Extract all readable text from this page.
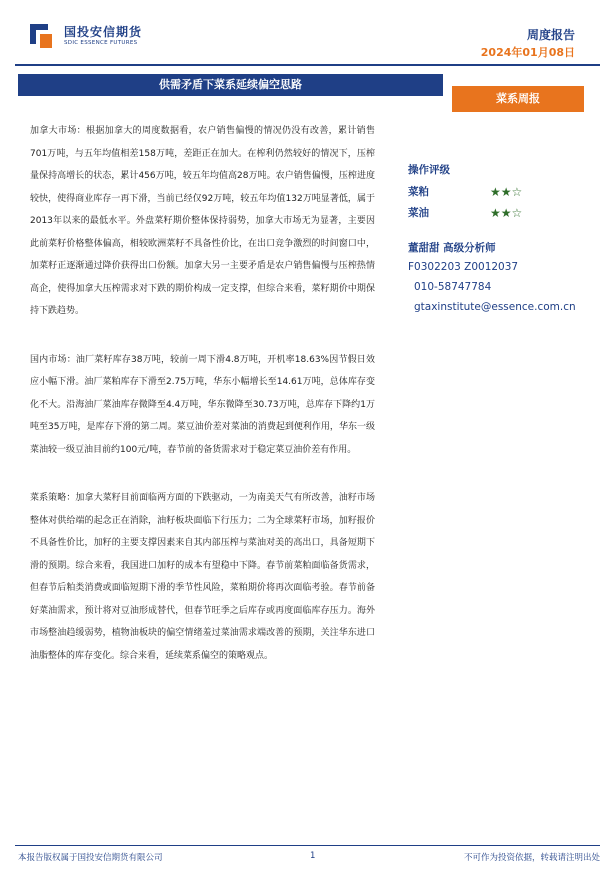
国投安信期货
SDIC ESSENCE FUTURES
周度报告
2024年01月08日
供需矛盾下菜系延续偏空思路
菜系周报

加拿大市场：根据加拿大的周度数据看，农户销售偏慢的情况仍没有改善，累计销售701万吨，与五年均值相差158万吨，差距正在加大。在榨利仍然较好的情况下，压榨量保持高增长的状态，累计456万吨，较五年均值高28万吨。农户销售偏慢，压榨进度较快，使得商业库存一再下滑，当前已经仅92万吨，较五年均值132万吨显著低，属于2013年以来的最低水平。外盘菜籽期价整体保持弱势，加拿大市场无为显著，主要因此前菜籽价格整体偏高，相较欧洲菜籽不具备性价比，在出口竞争激烈的时间窗口中，加菜籽正逐渐通过降价获得出口份额。加拿大另一主要矛盾是农户销售偏慢与压榨热情高企，使得加拿大压榨需求对下跌的期价构成一定支撑，但综合来看，菜籽期价中期保持下跌趋势。

国内市场：油厂菜籽库存38万吨，较前一周下滑4.8万吨，开机率18.63%因节假日效应小幅下滑。油厂菜粕库存下滑至2.75万吨，华东小幅增长至14.61万吨，总体库存变化不大。沿海油厂菜油库存微降至4.4万吨，华东微降至30.73万吨，总库存下降约1万吨至35万吨，是库存下滑的第二周。菜豆油价差对菜油的消费起到便利作用，华东一级菜油较一级豆油目前约100元/吨，春节前的备货需求对于稳定菜豆油价差有作用。

菜系策略：加拿大菜籽目前面临两方面的下跌驱动，一为南美天气有所改善，油籽市场整体对供给端的起念正在消除，油籽板块面临下行压力；二为全球菜籽市场，加籽报价不具备性价比，加籽的主要支撑因素来自其内部压榨与菜油对美的高出口，具备短期下滑的预期。综合来看，我国进口加籽的成本有望稳中下降。春节前菜粕面临备货需求，但春节后粕类消费或面临短期下滑的季节性风险，菜粕期价将再次面临考验。春节前备好菜油需求，预计将对豆油形成替代，但春节旺季之后库存或再度面临库存压力。海外市场整油趋缓弱势，植物油板块的偏空情绪羞过菜油需求端改善的预期，关注华东进口油脂整体的库存变化。综合来看，延续菜系偏空的策略观点。

操作评级
菜粕	★★☆
菜油	★★☆
董甜甜 高级分析师
F0302203 Z0012037
010-58747784
gtaxinstitute@essence.com.cn
本报告版权属于国投安信期货有限公司	1	不可作为投资依据，转载请注明出处
